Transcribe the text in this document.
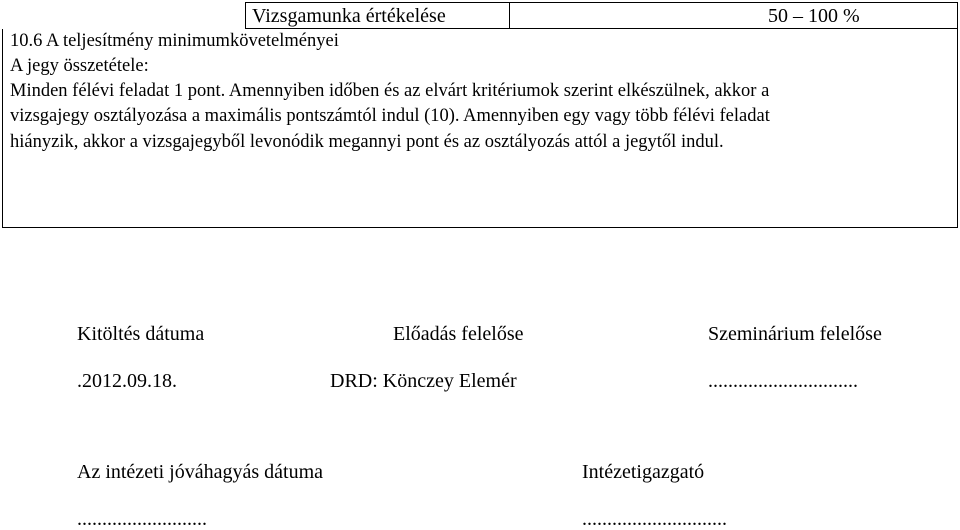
Vizsgamunka értékelése	50 – 100 %
10.6 A teljesítmény minimumkövetelményei
A jegy összetétele:
Minden félévi feladat 1 pont. Amennyiben időben és az elvárt kritériumok szerint elkészülnek, akkor a
vizsgajegy osztályozása a maximális pontszámtól indul (10). Amennyiben egy vagy több félévi feladat
hiányzik, akkor a vizsgajegyből levonódik megannyi pont és az osztályozás attól a jegytől indul.
Kitöltés dátuma	Előadás felelőse	Szeminárium felelőse
.2012.09.18.	DRD: Könczey Elemér	..............................
Az intézeti jóváhagyás dátuma	Intézetigazgató
..........................	.............................
